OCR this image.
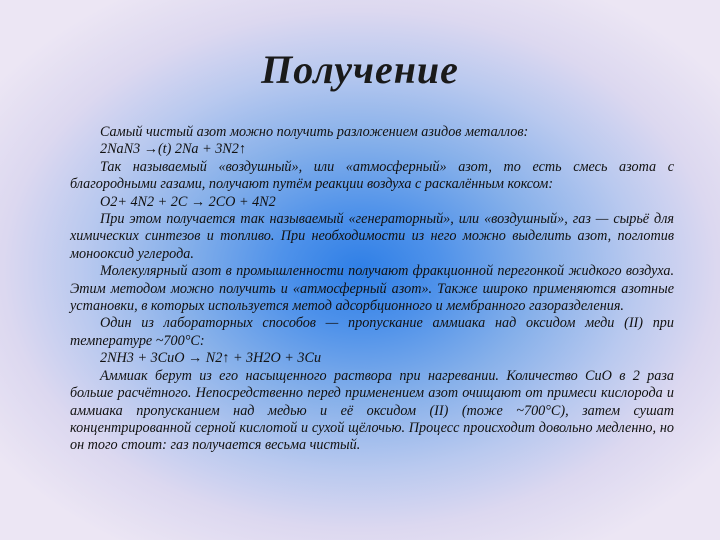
Получение

Самый чистый азот можно получить разложением азидов металлов:

2NaN3 →(t) 2Na + 3N2↑

Так называемый «воздушный», или «атмосферный» азот, то есть смесь азота с благородными газами, получают путём реакции воздуха с раскалённым коксом:

O2+ 4N2 + 2C → 2CO + 4N2

При этом получается так называемый «генераторный», или «воздушный», газ — сырьё для химических синтезов и топливо. При необходимости из него можно выделить азот, поглотив монооксид углерода.

Молекулярный азот в промышленности получают фракционной перегонкой жидкого воздуха. Этим методом можно получить и «атмосферный азот». Также широко применяются азотные установки, в которых используется метод адсорбционного и мембранного газоразделения.

Один из лабораторных способов — пропускание аммиака над оксидом меди (II) при температуре ~700°С:

2NH3 + 3CuO → N2↑ + 3H2O + 3Cu

Аммиак берут из его насыщенного раствора при нагревании. Количество CuO в 2 раза больше расчётного. Непосредственно перед применением азот очищают от примеси кислорода и аммиака пропусканием над медью и её оксидом (II) (тоже ~700°С), затем сушат концентрированной серной кислотой и сухой щёлочью. Процесс происходит довольно медленно, но он того стоит: газ получается весьма чистый.
